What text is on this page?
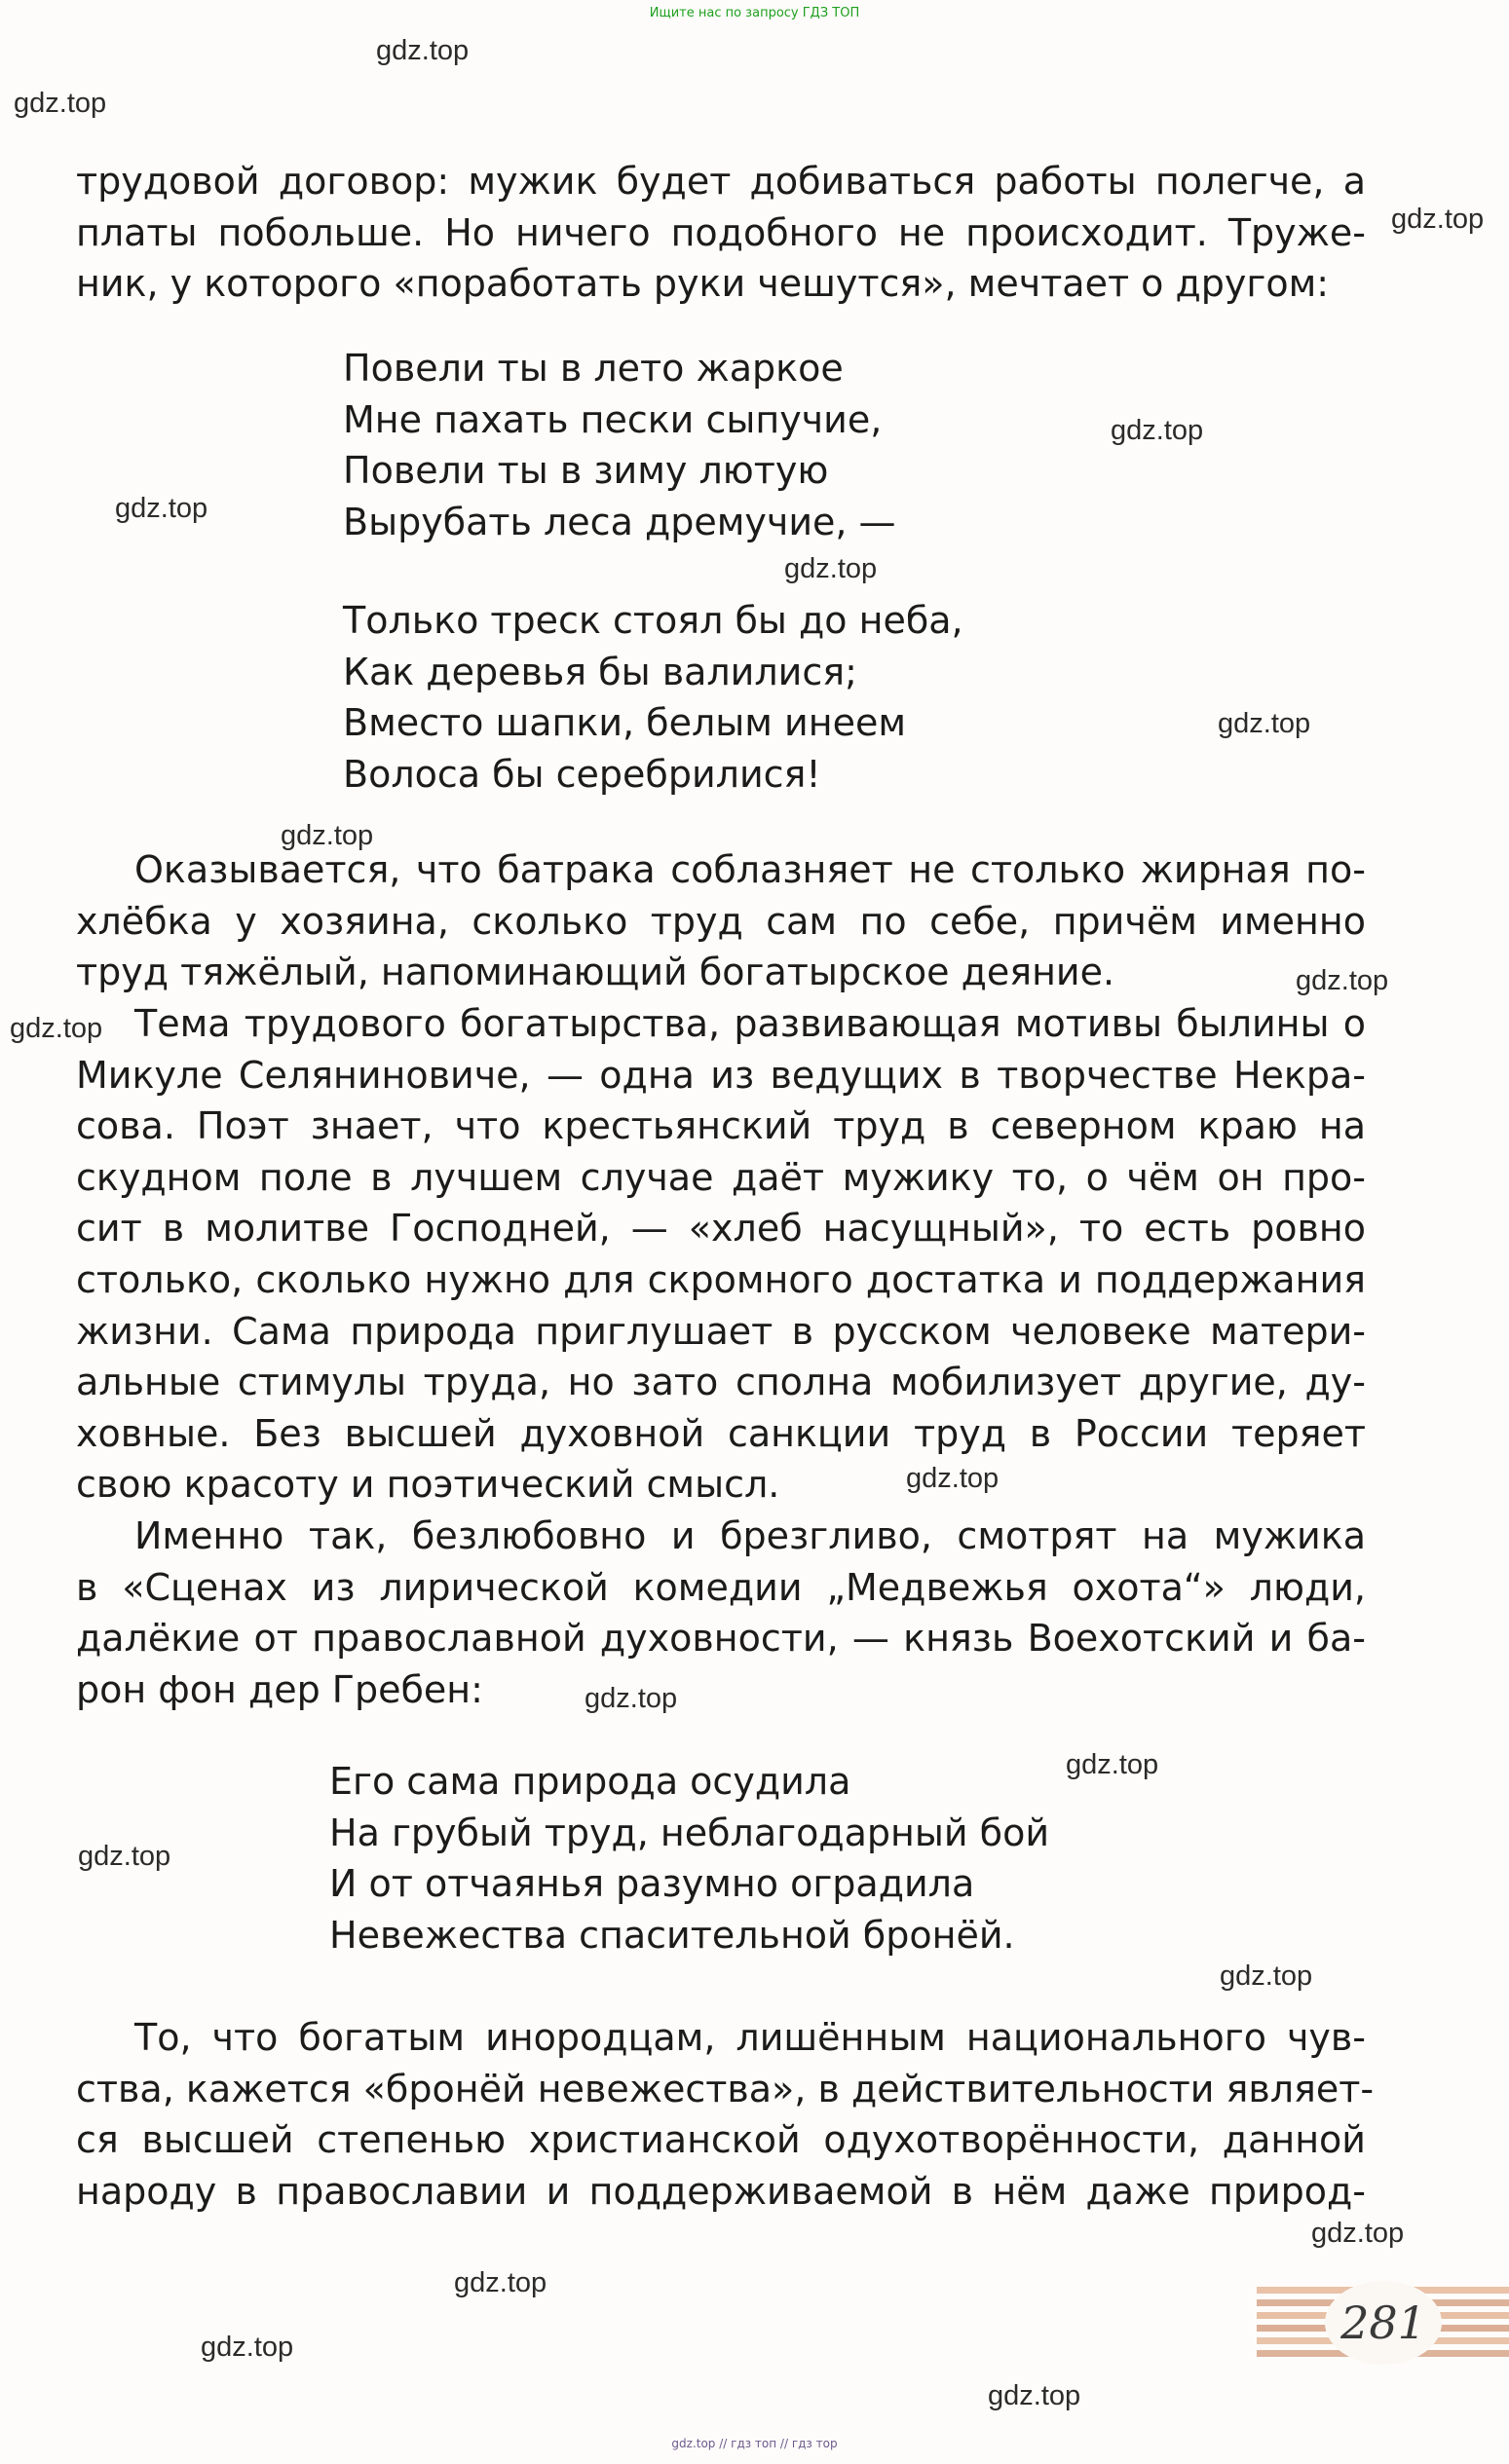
Ищите нас по запросу ГДЗ ТОП
gdz.top
gdz.top
gdz.top
gdz.top
gdz.top
gdz.top
gdz.top
gdz.top
gdz.top
gdz.top
gdz.top
gdz.top
gdz.top
gdz.top
gdz.top
gdz.top
gdz.top
gdz.top
gdz.top
трудовой договор: мужик будет добиваться работы полегче, а
платы побольше. Но ничего подобного не происходит. Труже-
ник, у которого «поработать руки чешутся», мечтает о другом:
Повели ты в лето жаркое
Мне пахать пески сыпучие,
Повели ты в зиму лютую
Вырубать леса дремучие, —
Только треск стоял бы до неба,
Как деревья бы валилися;
Вместо шапки, белым инеем
Волоса бы серебрилися!
Оказывается, что батрака соблазняет не столько жирная по-
хлёбка у хозяина, сколько труд сам по себе, причём именно
труд тяжёлый, напоминающий богатырское деяние.
Тема трудового богатырства, развивающая мотивы былины о
Микуле Селяниновиче, — одна из ведущих в творчестве Некра-
сова. Поэт знает, что крестьянский труд в северном краю на
скудном поле в лучшем случае даёт мужику то, о чём он про-
сит в молитве Господней, — «хлеб насущный», то есть ровно
столько, сколько нужно для скромного достатка и поддержания
жизни. Сама природа приглушает в русском человеке матери-
альные стимулы труда, но зато сполна мобилизует другие, ду-
ховные. Без высшей духовной санкции труд в России теряет
свою красоту и поэтический смысл.
Именно так, безлюбовно и брезгливо, смотрят на мужика
в «Сценах из лирической комедии „Медвежья охота“» люди,
далёкие от православной духовности, — князь Воехотский и ба-
рон фон дер Гребен:
Его сама природа осудила
На грубый труд, неблагодарный бой
И от отчаянья разумно оградила
Невежества спасительной бронёй.
То, что богатым инородцам, лишённым национального чув-
ства, кажется «бронёй невежества», в действительности являет-
ся высшей степенью христианской одухотворённости, данной
народу в православии и поддерживаемой в нём даже природ-
281
gdz.top // гдз топ // гдз тор
